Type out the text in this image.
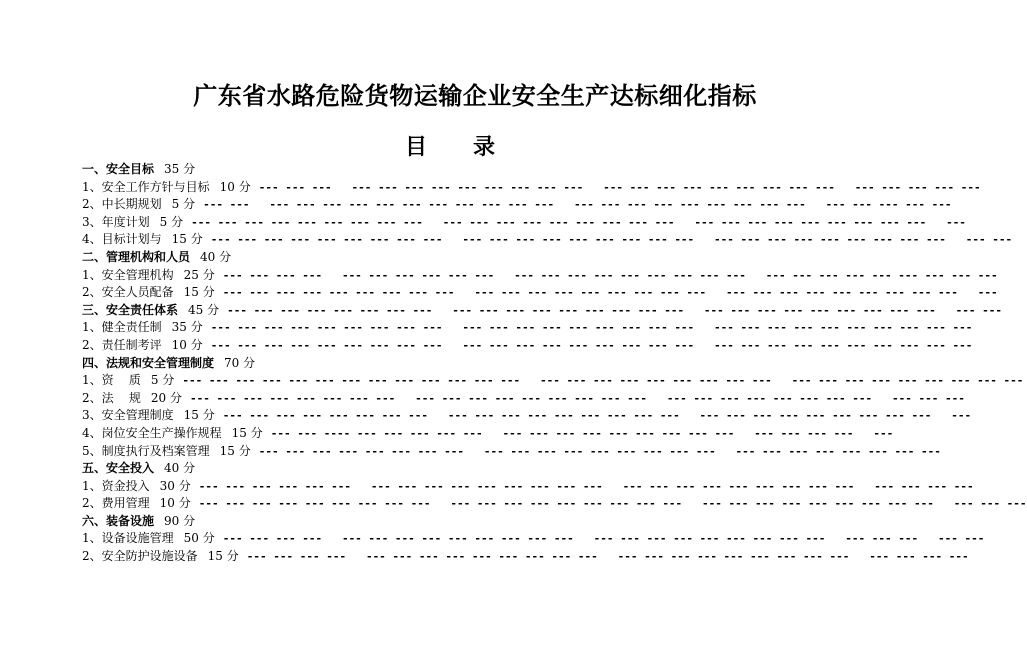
广东省水路危险货物运输企业安全生产达标细化指标
目      录
一、安全目标 35 分
1、安全工作方针与目标 10 分 --- --- ---   --- --- --- --- --- --- --- --- ---   --- --- --- --- --- --- --- --- ---   --- --- --- --- ---
2、中长期规划 5 分 --- ---   --- --- --- --- --- --- --- --- --- --- ---   --- --- --- --- --- --- --- --- ---   --- --- --- --- ---
3、年度计划 5 分 --- --- --- --- --- --- --- --- ---   --- --- --- --- --- --- --- --- ---   --- --- --- --- --- --- --- --- ---   ---
4、目标计划与 15 分 --- --- --- --- --- --- --- --- ---   --- --- --- --- --- --- --- --- ---   --- --- --- --- --- --- --- --- ---   --- ---
二、管理机构和人员 40 分
1、安全管理机构 25 分 --- --- --- ---   --- --- --- --- --- ---   --- --- --- --- --- --- --- --- ---   --- --- --- --- --- --- --- --- ---
2、安全人员配备 15 分 --- --- --- --- --- --- --- --- ---   --- --- --- --- --- --- --- --- ---   --- --- --- --- --- --- --- --- ---   ---
三、安全责任体系 45 分 --- --- --- --- --- --- --- ---   --- --- --- --- --- --- --- --- ---   --- --- --- --- --- --- --- --- ---   --- ---
1、健全责任制 35 分 --- --- --- --- --- --- --- --- ---   --- --- --- --- --- --- --- --- ---   --- --- --- --- --- --- --- --- --- ---
2、责任制考评 10 分 --- --- --- --- --- --- --- --- ---   --- --- --- --- --- --- --- --- ---   --- --- --- --- --- --- --- --- --- ---
四、法规和安全管理制度 70 分
1、资    质 5 分 --- --- --- --- --- --- --- --- --- --- --- --- ---   --- --- --- --- --- --- --- --- ---   --- --- --- --- --- --- --- --- ---
2、法    规 20 分 --- --- --- --- --- --- --- ---   --- --- --- --- --- --- --- --- ---   --- --- --- --- --- --- --- ---   --- --- ---
3、安全管理制度 15 分 --- --- --- --- --- --- --- ---   --- --- --- --- --- --- --- --- ---   --- --- --- --- --- --- --- --- ---   ---
4、岗位安全生产操作规程 15 分 --- --- ---- --- --- --- --- ---   --- --- --- --- --- --- --- --- ---   --- --- --- ---   ---
5、制度执行及档案管理 15 分 --- --- --- --- --- --- --- ---   --- --- --- --- --- --- --- --- ---   --- --- --- --- --- --- --- ---
五、安全投入 40 分
1、资金投入 30 分 --- --- --- --- --- ---   --- --- --- --- --- --- --- --- ---   --- --- --- --- --- --- --- --- ---   --- --- --- ---
2、费用管理 10 分 --- --- --- --- --- --- --- --- ---   --- --- --- --- --- --- --- --- ---   --- --- --- --- --- --- --- --- ---   --- --- ---
六、装备设施 90 分
1、设备设施管理 50 分 --- --- --- ---   --- --- --- --- --- --- --- --- ---   --- --- --- --- --- --- --- --- ---   --- --- ---   --- ---
2、安全防护设施设备 15 分 --- --- --- ---   --- --- --- --- --- --- --- --- ---   --- --- --- --- --- --- --- --- ---   --- --- --- ---
